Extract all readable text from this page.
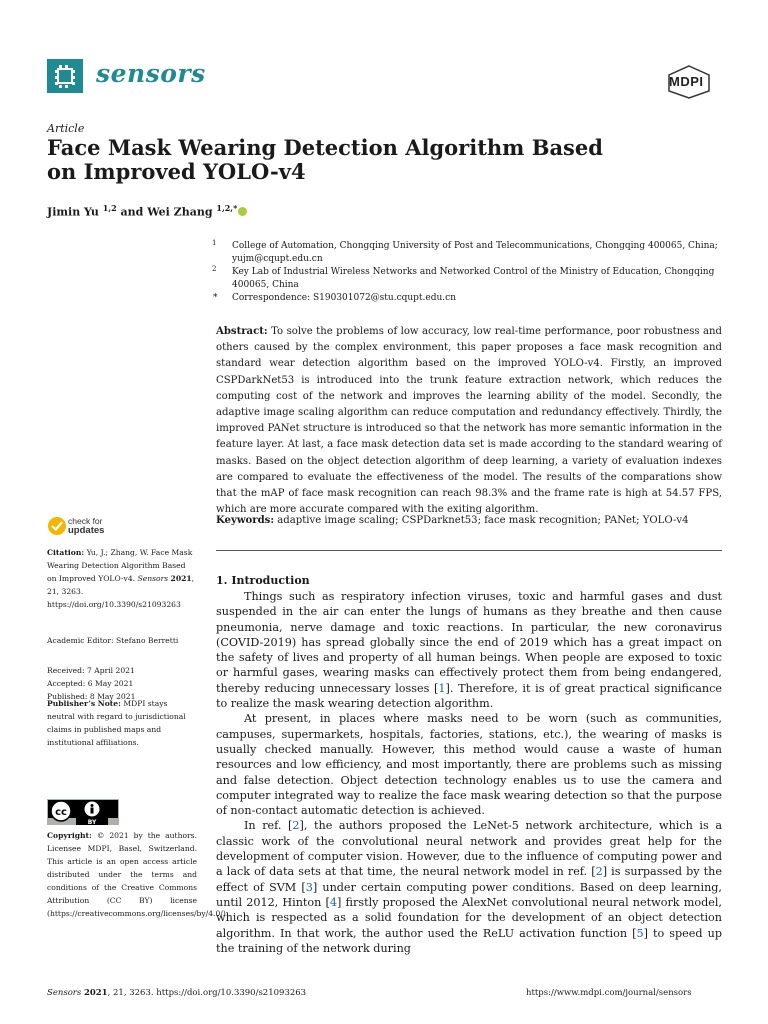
sensors	MDPI
Article
Face Mask Wearing Detection Algorithm Based on Improved YOLO-v4
Jimin Yu $^{1,2}$ and Wei Zhang $^{1,2,*}$
1 College of Automation, Chongqing University of Post and Telecommunications, Chongqing 400065, China; yujm@cqupt.edu.cn
2 Key Lab of Industrial Wireless Networks and Networked Control of the Ministry of Education, Chongqing 400065, China
* Correspondence: S190301072@stu.cqupt.edu.cn
Abstract: To solve the problems of low accuracy, low real-time performance, poor robustness and others caused by the complex environment, this paper proposes a face mask recognition and standard wear detection algorithm based on the improved YOLO-v4. Firstly, an improved CSPDarkNet53 is introduced into the trunk feature extraction network, which reduces the computing cost of the network and improves the learning ability of the model. Secondly, the adaptive image scaling algorithm can reduce computation and redundancy effectively. Thirdly, the improved PANet structure is introduced so that the network has more semantic information in the feature layer. At last, a face mask detection data set is made according to the standard wearing of masks. Based on the object detection algorithm of deep learning, a variety of evaluation indexes are compared to evaluate the effectiveness of the model. The results of the comparations show that the mAP of face mask recognition can reach 98.3% and the frame rate is high at 54.57 FPS, which are more accurate compared with the exiting algorithm.
Keywords: adaptive image scaling; CSPDarknet53; face mask recognition; PANet; YOLO-v4
check for
updates
Citation: Yu, J.; Zhang, W. Face Mask Wearing Detection Algorithm Based on Improved YOLO-v4. Sensors 2021, 21, 3263. https://doi.org/10.3390/s21093263
Academic Editor: Stefano Berretti
Received: 7 April 2021
Accepted: 6 May 2021
Published: 8 May 2021
Publisher’s Note: MDPI stays neutral with regard to jurisdictional claims in published maps and institutional affiliations.
cc
BY
Copyright: © 2021 by the authors. Licensee MDPI, Basel, Switzerland. This article is an open access article distributed under the terms and conditions of the Creative Commons Attribution (CC BY) license (https://creativecommons.org/licenses/by/4.0/).
1. Introduction

Things such as respiratory infection viruses, toxic and harmful gases and dust suspended in the air can enter the lungs of humans as they breathe and then cause pneumonia, nerve damage and toxic reactions. In particular, the new coronavirus (COVID-2019) has spread globally since the end of 2019 which has a great impact on the safety of lives and property of all human beings. When people are exposed to toxic or harmful gases, wearing masks can effectively protect them from being endangered, thereby reducing unnecessary losses [1]. Therefore, it is of great practical significance to realize the mask wearing detection algorithm.

At present, in places where masks need to be worn (such as communities, campuses, supermarkets, hospitals, factories, stations, etc.), the wearing of masks is usually checked manually. However, this method would cause a waste of human resources and low efficiency, and most importantly, there are problems such as missing and false detection. Object detection technology enables us to use the camera and computer integrated way to realize the face mask wearing detection so that the purpose of non-contact automatic detection is achieved.

In ref. [2], the authors proposed the LeNet-5 network architecture, which is a classic work of the convolutional neural network and provides great help for the development of computer vision. However, due to the influence of computing power and a lack of data sets at that time, the neural network model in ref. [2] is surpassed by the effect of SVM [3] under certain computing power conditions. Based on deep learning, until 2012, Hinton [4] firstly proposed the AlexNet convolutional neural network model, which is respected as a solid foundation for the development of an object detection algorithm. In that work, the author used the ReLU activation function [5] to speed up the training of the network during

Sensors 2021, 21, 3263. https://doi.org/10.3390/s21093263	https://www.mdpi.com/journal/sensors
